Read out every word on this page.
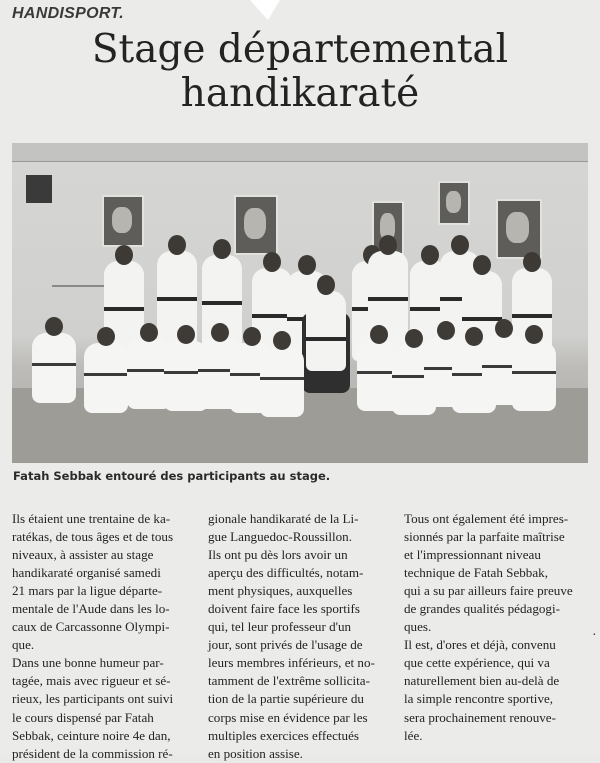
HANDISPORT.
Stage départemental
handikaraté
Fatah Sebbak entouré des participants au stage.
Ils étaient une trentaine de ka-
ratékas, de tous âges et de tous
niveaux, à assister au stage
handikaraté organisé samedi
21 mars par la ligue départe-
mentale de l'Aude dans les lo-
caux de Carcassonne Olympi-
que.
Dans une bonne humeur par-
tagée, mais avec rigueur et sé-
rieux, les participants ont suivi
le cours dispensé par Fatah
Sebbak, ceinture noire 4e dan,
président de la commission ré-
gionale handikaraté de la Li-
gue Languedoc-Roussillon.
Ils ont pu dès lors avoir un
aperçu des difficultés, notam-
ment physiques, auxquelles
doivent faire face les sportifs
qui, tel leur professeur d'un
jour, sont privés de l'usage de
leurs membres inférieurs, et no-
tamment de l'extrême sollicita-
tion de la partie supérieure du
corps mise en évidence par les
multiples exercices effectués
en position assise.
Tous ont également été impres-
sionnés par la parfaite maîtrise
et l'impressionnant niveau
technique de Fatah Sebbak,
qui a su par ailleurs faire preuve
de grandes qualités pédagogi-
ques.
Il est, d'ores et déjà, convenu
que cette expérience, qui va
naturellement bien au-delà de
la simple rencontre sportive,
sera prochainement renouve-
lée.
·
